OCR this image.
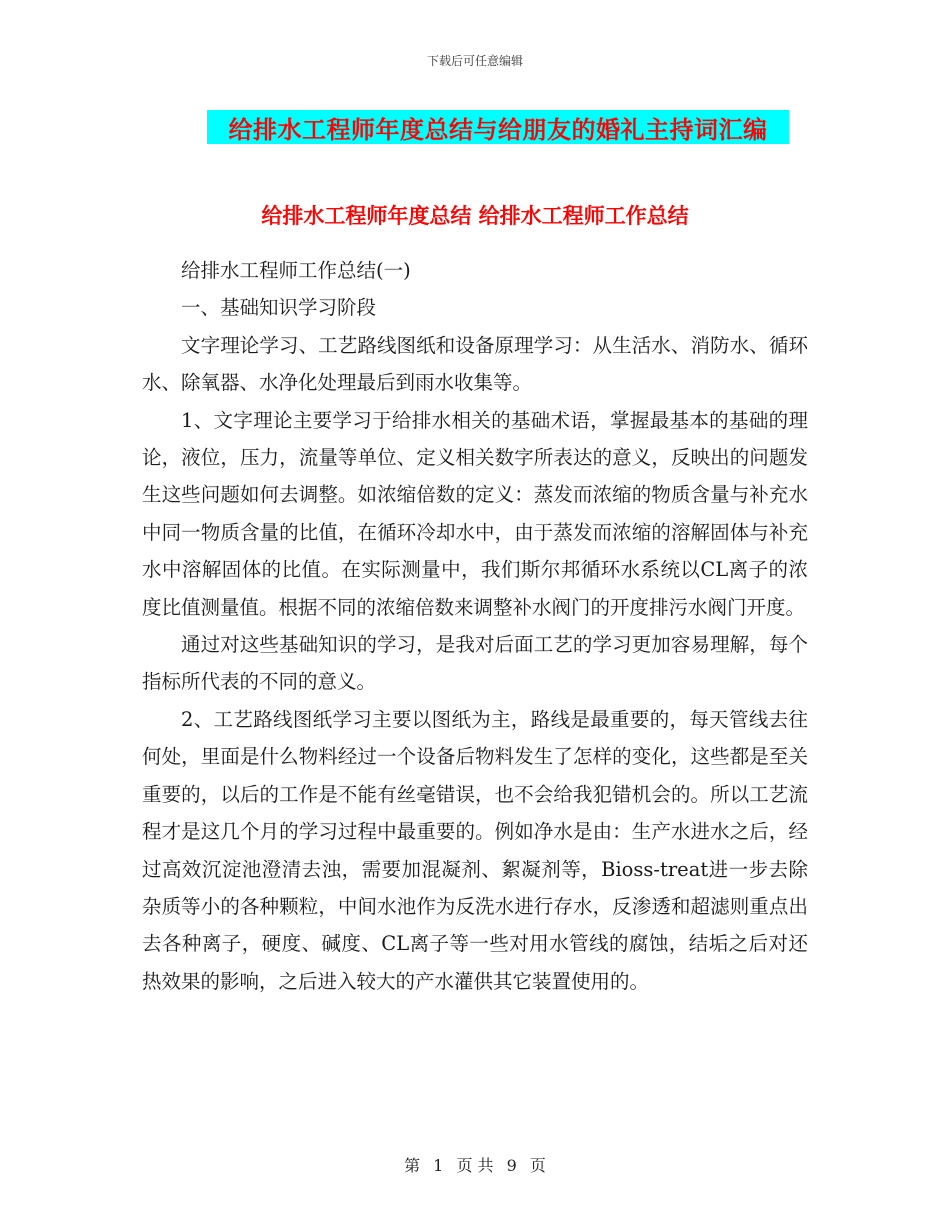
下载后可任意编辑
给排水工程师年度总结与给朋友的婚礼主持词汇编
给排水工程师年度总结 给排水工程师工作总结

给排水工程师工作总结(一)

一、基础知识学习阶段

文字理论学习、工艺路线图纸和设备原理学习：从生活水、消防水、循环水、除氧器、水净化处理最后到雨水收集等。

1、文字理论主要学习于给排水相关的基础术语，掌握最基本的基础的理论，液位，压力，流量等单位、定义相关数字所表达的意义，反映出的问题发生这些问题如何去调整。如浓缩倍数的定义：蒸发而浓缩的物质含量与补充水中同一物质含量的比值，在循环冷却水中，由于蒸发而浓缩的溶解固体与补充水中溶解固体的比值。在实际测量中，我们斯尔邦循环水系统以CL离子的浓度比值测量值。根据不同的浓缩倍数来调整补水阀门的开度排污水阀门开度。

通过对这些基础知识的学习，是我对后面工艺的学习更加容易理解，每个指标所代表的不同的意义。

2、工艺路线图纸学习主要以图纸为主，路线是最重要的，每天管线去往何处，里面是什么物料经过一个设备后物料发生了怎样的变化，这些都是至关重要的，以后的工作是不能有丝毫错误，也不会给我犯错机会的。所以工艺流程才是这几个月的学习过程中最重要的。例如净水是由：生产水进水之后，经过高效沉淀池澄清去浊，需要加混凝剂、絮凝剂等，Bioss-treat进一步去除杂质等小的各种颗粒，中间水池作为反洗水进行存水，反渗透和超滤则重点出去各种离子，硬度、碱度、CL离子等一些对用水管线的腐蚀，结垢之后对还热效果的影响，之后进入较大的产水灌供其它装置使用的。

第 1 页 共 9 页
